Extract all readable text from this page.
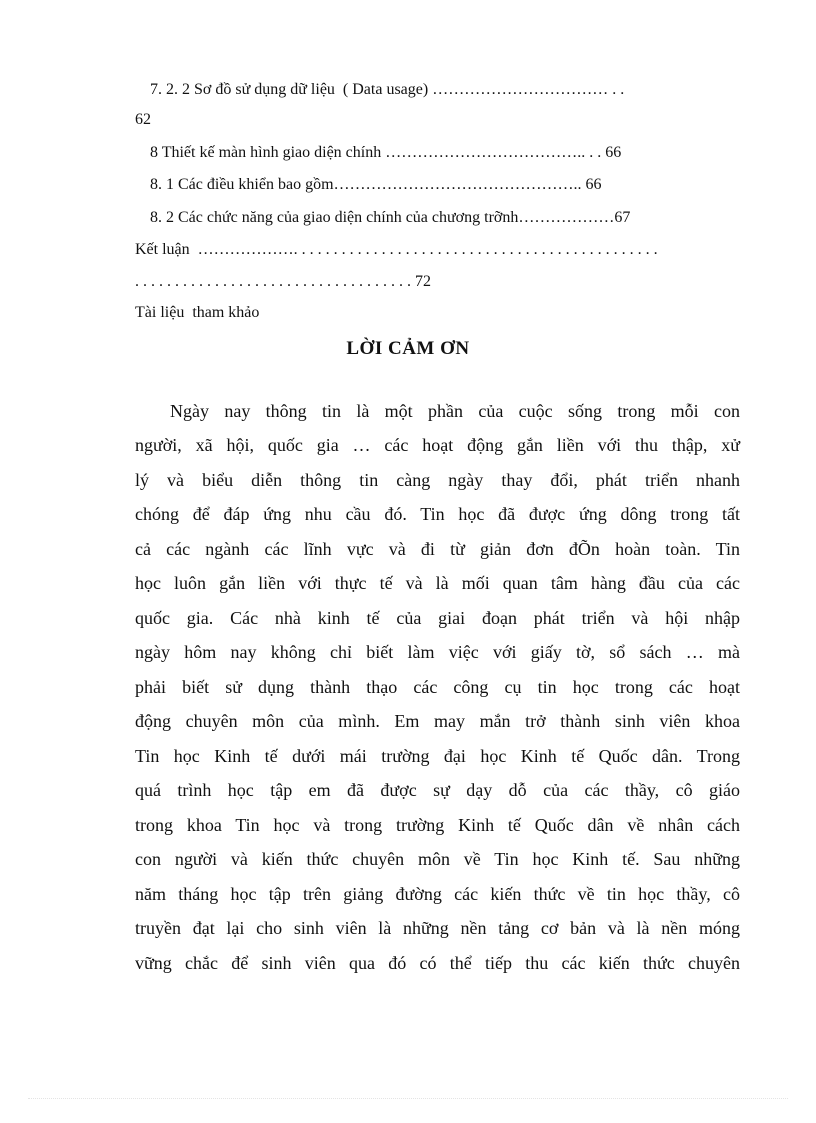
7. 2. 2 Sơ đồ sử dụng dữ liệu  ( Data usage) …………………………… . .
62
8 Thiết kế màn hình giao diện chính ……………………………….. . . 66
8. 1 Các điều khiển bao gồm……………………………………….. 66
8. 2 Các chức năng của giao diện chính của chương trỡnh………………67
Kết luận  ………………. . . . . . . . . . . . . . . . . . . . . . . . . . . . . . . . . . . . . . . . . . . . . .
. . . . . . . . . . . . . . . . . . . . . . . . . . . . . . . . . . . 72
Tài liệu  tham khảo
LỜI CẢM ƠN
Ngày nay thông tin là một phần của cuộc sống trong mỗi con
người, xã hội, quốc gia … các hoạt động gắn liền với thu thập, xử
lý và biểu diễn thông tin càng ngày thay đổi, phát triển nhanh
chóng để đáp ứng nhu cầu đó. Tin học đã được ứng dông trong tất
cả các ngành các lĩnh vực và đi từ giản đơn đÕn hoàn toàn. Tin
học luôn gắn liền với thực tế và là mối quan tâm hàng đầu của các
quốc gia. Các nhà kinh tế của giai đoạn phát triển và hội nhập
ngày hôm nay không chỉ biết làm việc với giấy tờ, sổ sách … mà
phải biết sử dụng thành thạo các công cụ tin học trong các hoạt
động chuyên môn của mình. Em may mắn trở thành sinh viên khoa
Tin học Kinh tế dưới mái trường đại học Kinh tế Quốc dân. Trong
quá trình học tập em đã được sự dạy dỗ của các thầy, cô giáo
trong khoa Tin học và trong trường Kinh tế Quốc dân về nhân cách
con người và kiến thức chuyên môn về Tin học Kinh tế. Sau những
năm tháng học tập trên giảng đường các kiến thức về tin học thầy, cô
truyền đạt lại cho sinh viên là những nền tảng cơ bản và là nền móng
vững chắc để sinh viên qua đó có thể tiếp thu các kiến thức chuyên
